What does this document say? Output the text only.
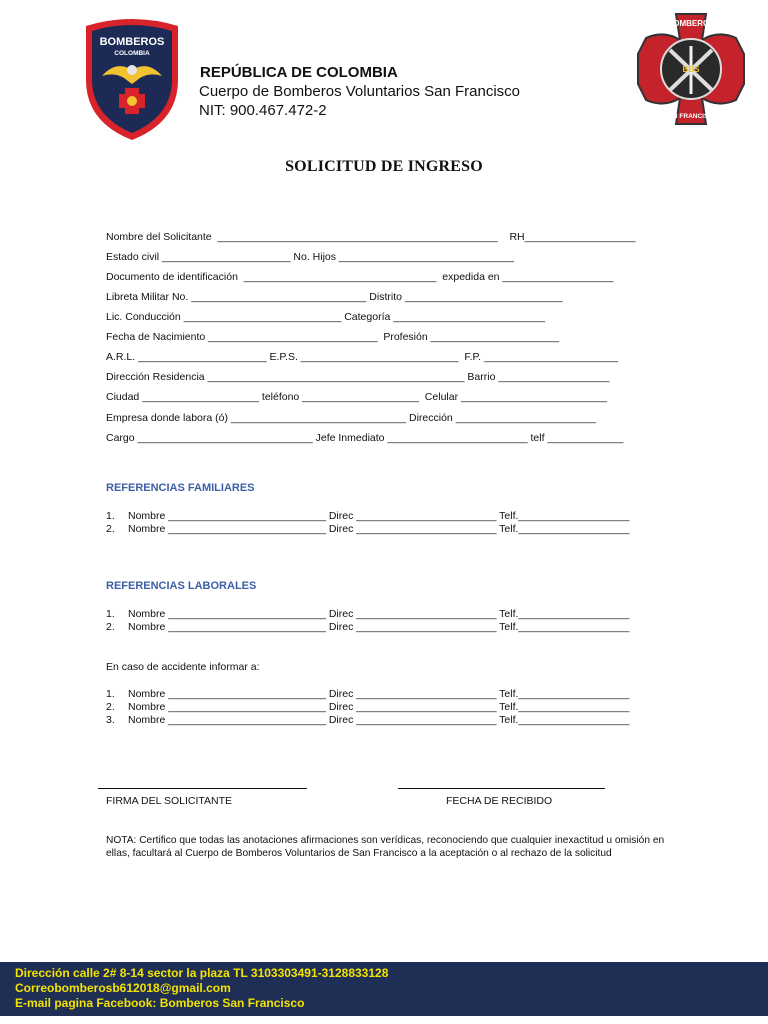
BOMBEROS
COLOMBIA
BOMBEROS
BBS
SAN FRANCISCO
REPÚBLICA DE COLOMBIA
Cuerpo de Bomberos Voluntarios San Francisco
NIT: 900.467.472-2
SOLICITUD DE INGRESO
Nombre del Solicitante  ________________________________________________    RH___________________
Estado civil ______________________ No. Hijos ______________________________
Documento de identificación  _________________________________  expedida en ___________________
Libreta Militar No. ______________________________ Distrito ___________________________
Lic. Conducción ___________________________ Categoría __________________________
Fecha de Nacimiento _____________________________  Profesión ______________________
A.R.L. ______________________ E.P.S. ___________________________  F.P. _______________________
Dirección Residencia ____________________________________________ Barrio ___________________
Ciudad ____________________ teléfono ____________________  Celular _________________________
Empresa donde labora (ó) ______________________________ Dirección ________________________
Cargo ______________________________ Jefe Inmediato ________________________ telf _____________
REFERENCIAS FAMILIARES
1. Nombre ___________________________ Direc ________________________ Telf.___________________
2. Nombre ___________________________ Direc ________________________ Telf.___________________
REFERENCIAS LABORALES
1. Nombre ___________________________ Direc ________________________ Telf.___________________
2. Nombre ___________________________ Direc ________________________ Telf.___________________
En caso de accidente informar a:
1. Nombre ___________________________ Direc ________________________ Telf.___________________
2. Nombre ___________________________ Direc ________________________ Telf.___________________
3. Nombre ___________________________ Direc ________________________ Telf.___________________
FIRMA DEL SOLICITANTE	FECHA DE RECIBIDO
NOTA: Certifico que todas las anotaciones afirmaciones son verídicas, reconociendo que cualquier inexactitud u omisión en ellas, facultará al Cuerpo de Bomberos Voluntarios de San Francisco a la aceptación o al rechazo de la solicitud
Dirección calle 2# 8-14 sector la plaza TL 3103303491-3128833128
Correobomberosb612018@gmail.com
E-mail pagina Facebook: Bomberos San Francisco
